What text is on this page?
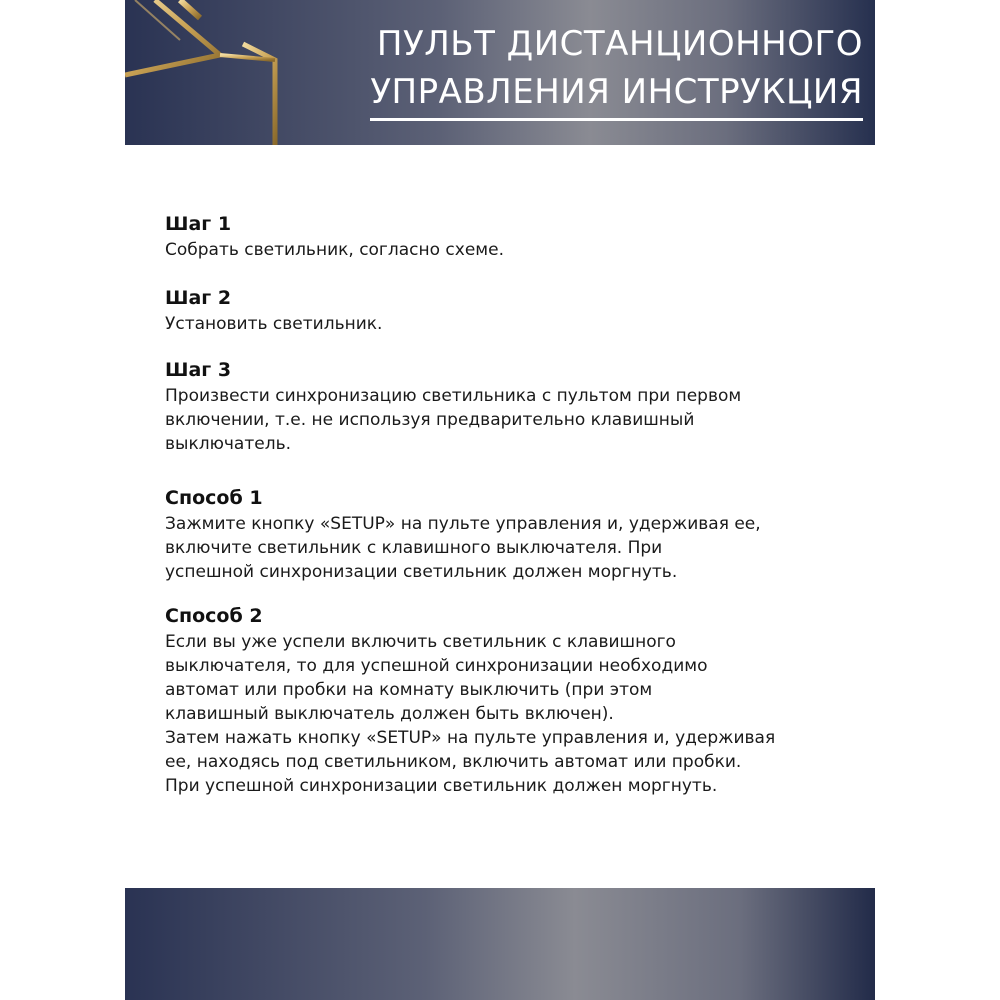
ПУЛЬТ ДИСТАНЦИОННОГО
УПРАВЛЕНИЯ ИНСТРУКЦИЯ

Шаг 1

Собрать светильник, согласно схеме.

Шаг 2

Установить светильник.

Шаг 3

Произвести синхронизацию светильника с пультом при первом
включении, т.е. не используя предварительно клавишный
выключатель.

Способ 1

Зажмите кнопку «SETUP» на пульте управления и, удерживая ее,
включите светильник с клавишного выключателя. При
успешной синхронизации светильник должен моргнуть.

Способ 2

Если вы уже успели включить светильник с клавишного
выключателя, то для успешной синхронизации необходимо
автомат или пробки на комнату выключить (при этом
клавишный выключатель должен быть включен).
Затем нажать кнопку «SETUP» на пульте управления и, удерживая
ее, находясь под светильником, включить автомат или пробки.
При успешной синхронизации светильник должен моргнуть.
